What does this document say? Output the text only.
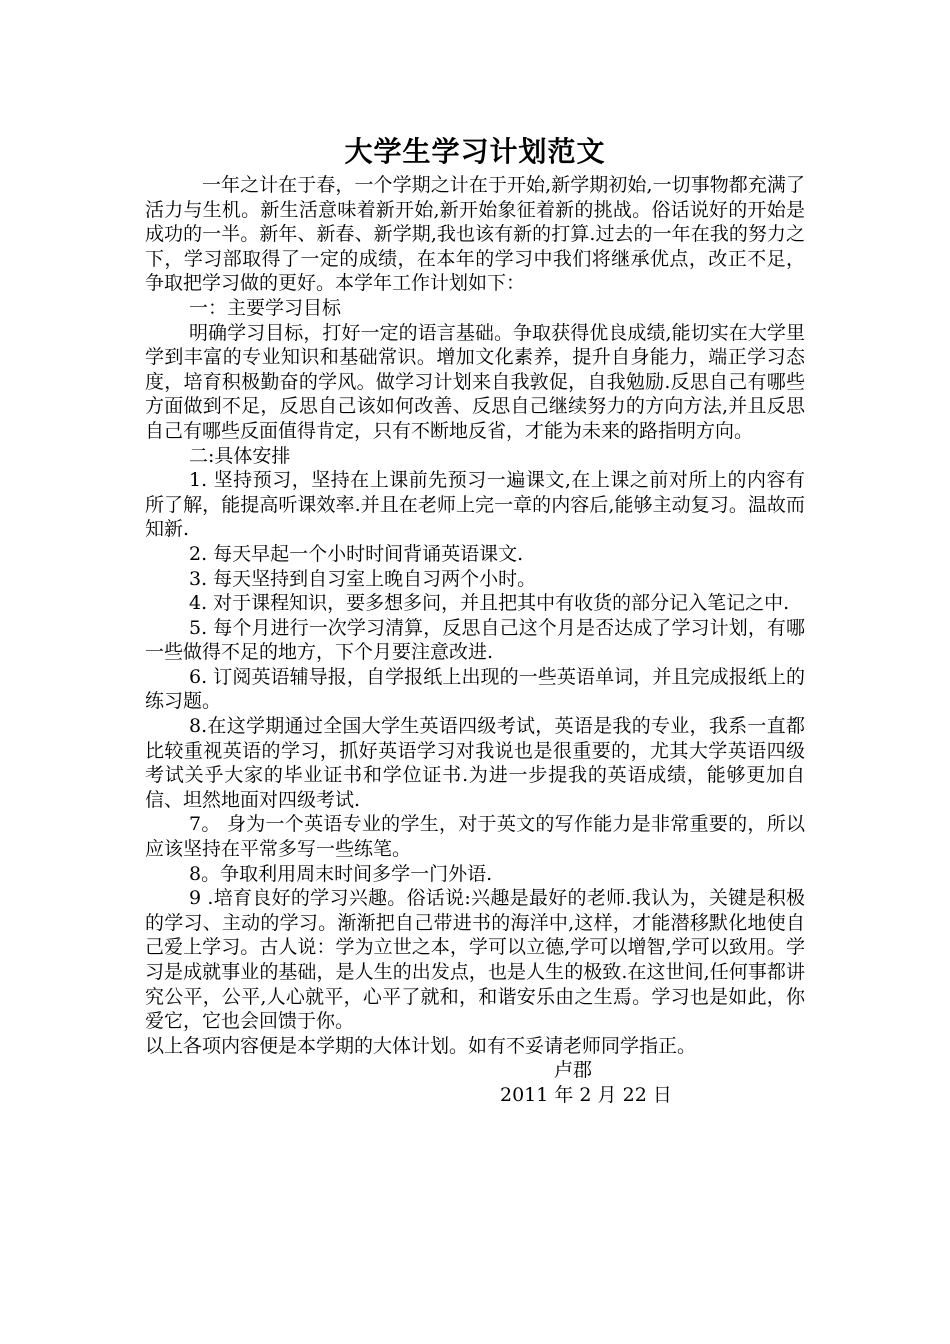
大学生学习计划范文

一年之计在于春，一个学期之计在于开始,新学期初始,一切事物都充满了活力与生机。新生活意味着新开始,新开始象征着新的挑战。俗话说好的开始是成功的一半。新年、新春、新学期,我也该有新的打算.过去的一年在我的努力之下，学习部取得了一定的成绩，在本年的学习中我们将继承优点，改正不足，争取把学习做的更好。本学年工作计划如下：

一：主要学习目标

明确学习目标，打好一定的语言基础。争取获得优良成绩,能切实在大学里学到丰富的专业知识和基础常识。增加文化素养，提升自身能力，端正学习态度，培育积极勤奋的学风。做学习计划来自我敦促，自我勉励.反思自己有哪些方面做到不足，反思自己该如何改善、反思自己继续努力的方向方法,并且反思自己有哪些反面值得肯定，只有不断地反省，才能为未来的路指明方向。

二:具体安排

1. 坚持预习，坚持在上课前先预习一遍课文,在上课之前对所上的内容有所了解，能提高听课效率.并且在老师上完一章的内容后,能够主动复习。温故而知新.

2. 每天早起一个小时时间背诵英语课文.

3. 每天坚持到自习室上晚自习两个小时。

4. 对于课程知识，要多想多问，并且把其中有收货的部分记入笔记之中.

5. 每个月进行一次学习清算，反思自己这个月是否达成了学习计划，有哪一些做得不足的地方，下个月要注意改进.

6. 订阅英语辅导报，自学报纸上出现的一些英语单词，并且完成报纸上的练习题。

8.在这学期通过全国大学生英语四级考试，英语是我的专业，我系一直都比较重视英语的学习，抓好英语学习对我说也是很重要的，尤其大学英语四级考试关乎大家的毕业证书和学位证书.为进一步提我的英语成绩，能够更加自信、坦然地面对四级考试.

7。 身为一个英语专业的学生，对于英文的写作能力是非常重要的，所以应该坚持在平常多写一些练笔。

8。争取利用周末时间多学一门外语.

9 .培育良好的学习兴趣。俗话说:兴趣是最好的老师.我认为，关键是积极的学习、主动的学习。渐渐把自己带进书的海洋中,这样，才能潜移默化地使自己爱上学习。古人说：学为立世之本，学可以立德,学可以增智,学可以致用。学习是成就事业的基础，是人生的出发点，也是人生的极致.在这世间,任何事都讲究公平，公平,人心就平，心平了就和，和谐安乐由之生焉。学习也是如此，你爱它，它也会回馈于你。

以上各项内容便是本学期的大体计划。如有不妥请老师同学指正。

卢郡

2011 年 2 月 22 日
